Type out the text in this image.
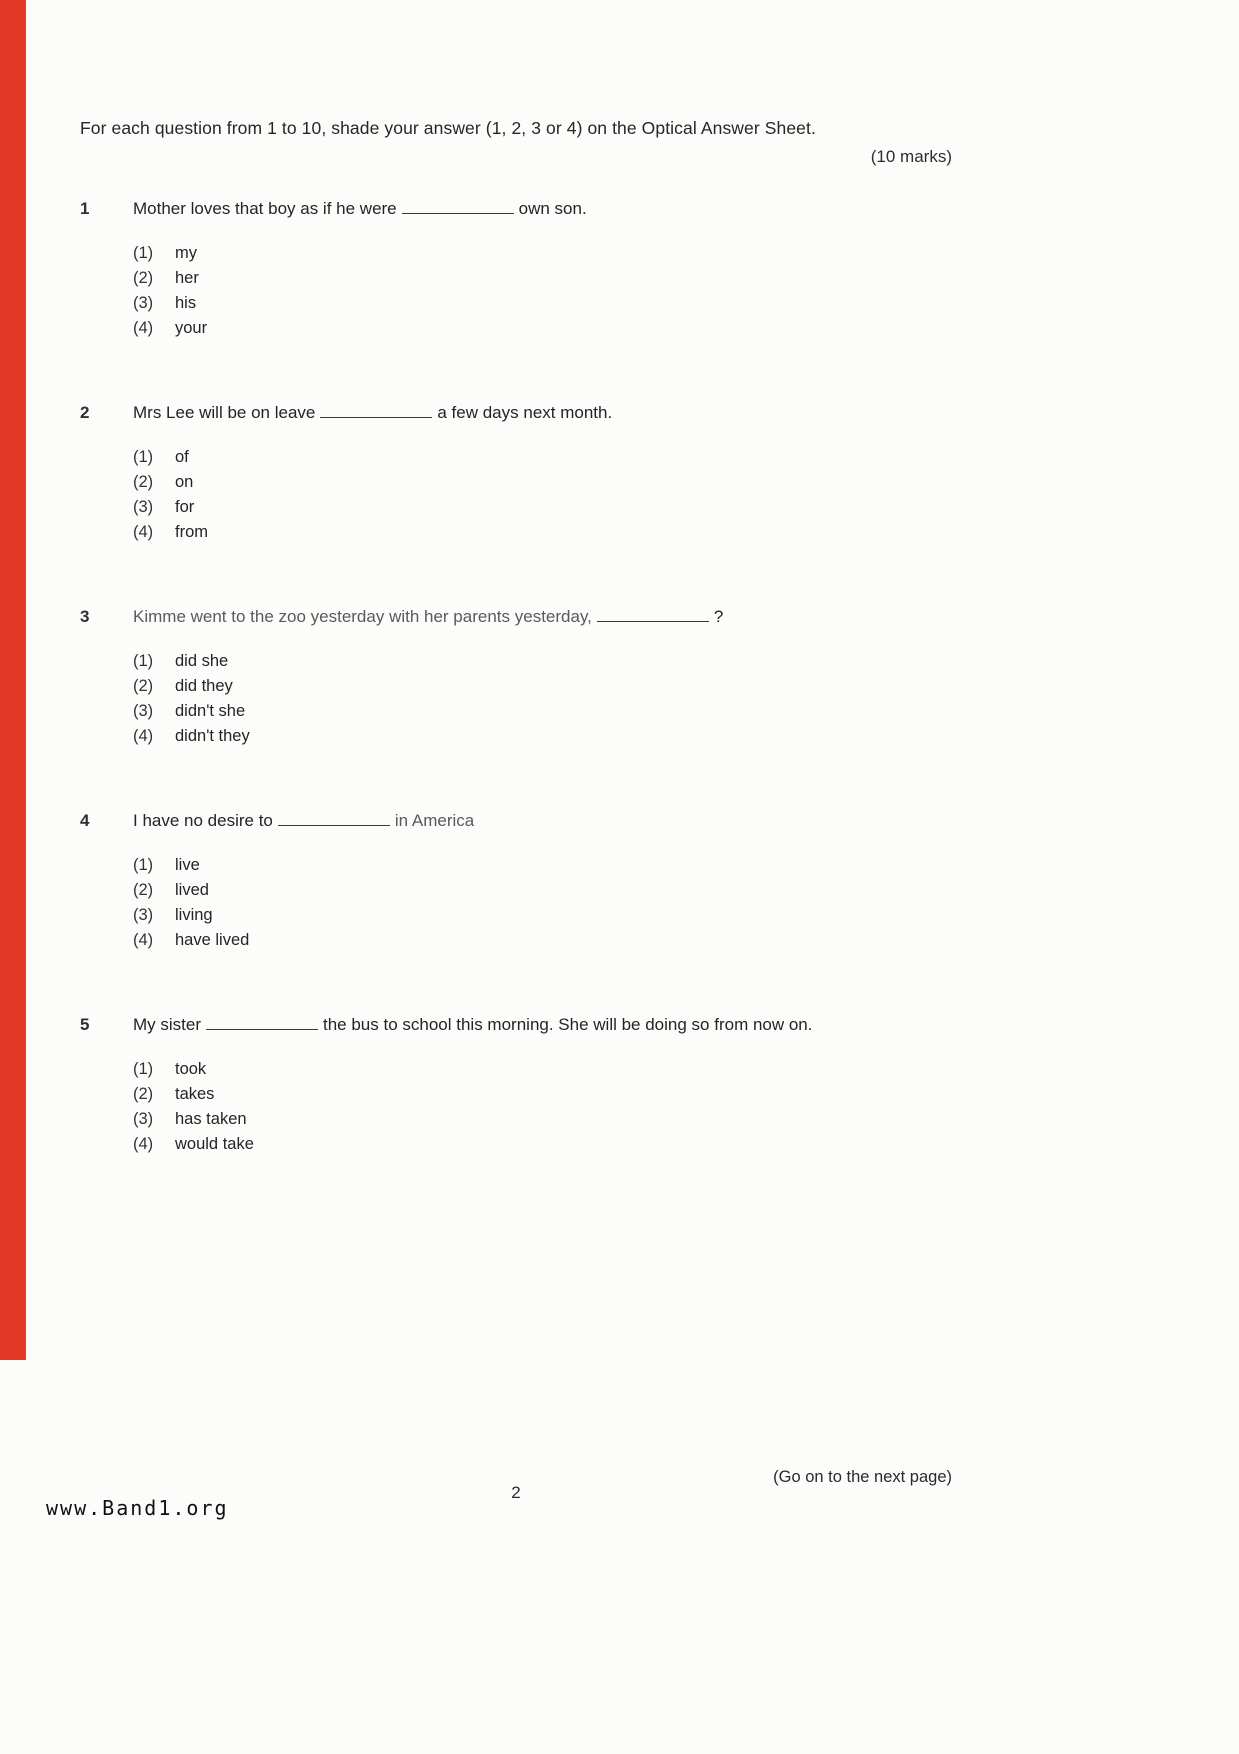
For each question from 1 to 10, shade your answer (1, 2, 3 or 4) on the Optical Answer Sheet.
(10 marks)
1	Mother loves that boy as if he were	own son.
(1)	my
(2)	her
(3)	his
(4)	your
2	Mrs Lee will be on leave	a few days next month.
(1)	of
(2)	on
(3)	for
(4)	from
3	Kimme went to the zoo yesterday with her parents yesterday,	?
(1)	did she
(2)	did they
(3)	didn't she
(4)	didn't they
4	I have no desire to	in America
(1)	live
(2)	lived
(3)	living
(4)	have lived
5	My sister	the bus to school this morning. She will be doing so from now on.
(1)	took
(2)	takes
(3)	has taken
(4)	would take
(Go on to the next page)
2
www.Band1.org
